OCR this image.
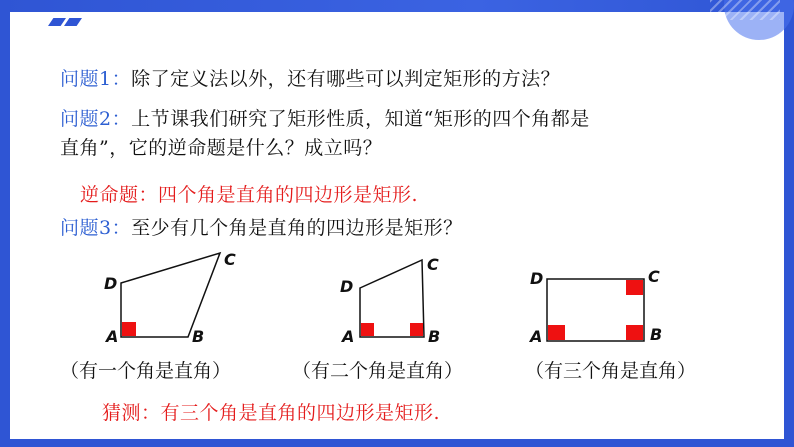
问题1：除了定义法以外，还有哪些可以判定矩形的方法？
问题2：上节课我们研究了矩形性质，知道“矩形的四个角都是
直角”，它的逆命题是什么？成立吗？
逆命题：四个角是直角的四边形是矩形.
问题3：至少有几个角是直角的四边形是矩形？
D
C
A	B
D
C
A	B
D	C
A	B
（有一个角是直角）	（有二个角是直角）	（有三个角是直角）
猜测：有三个角是直角的四边形是矩形.
